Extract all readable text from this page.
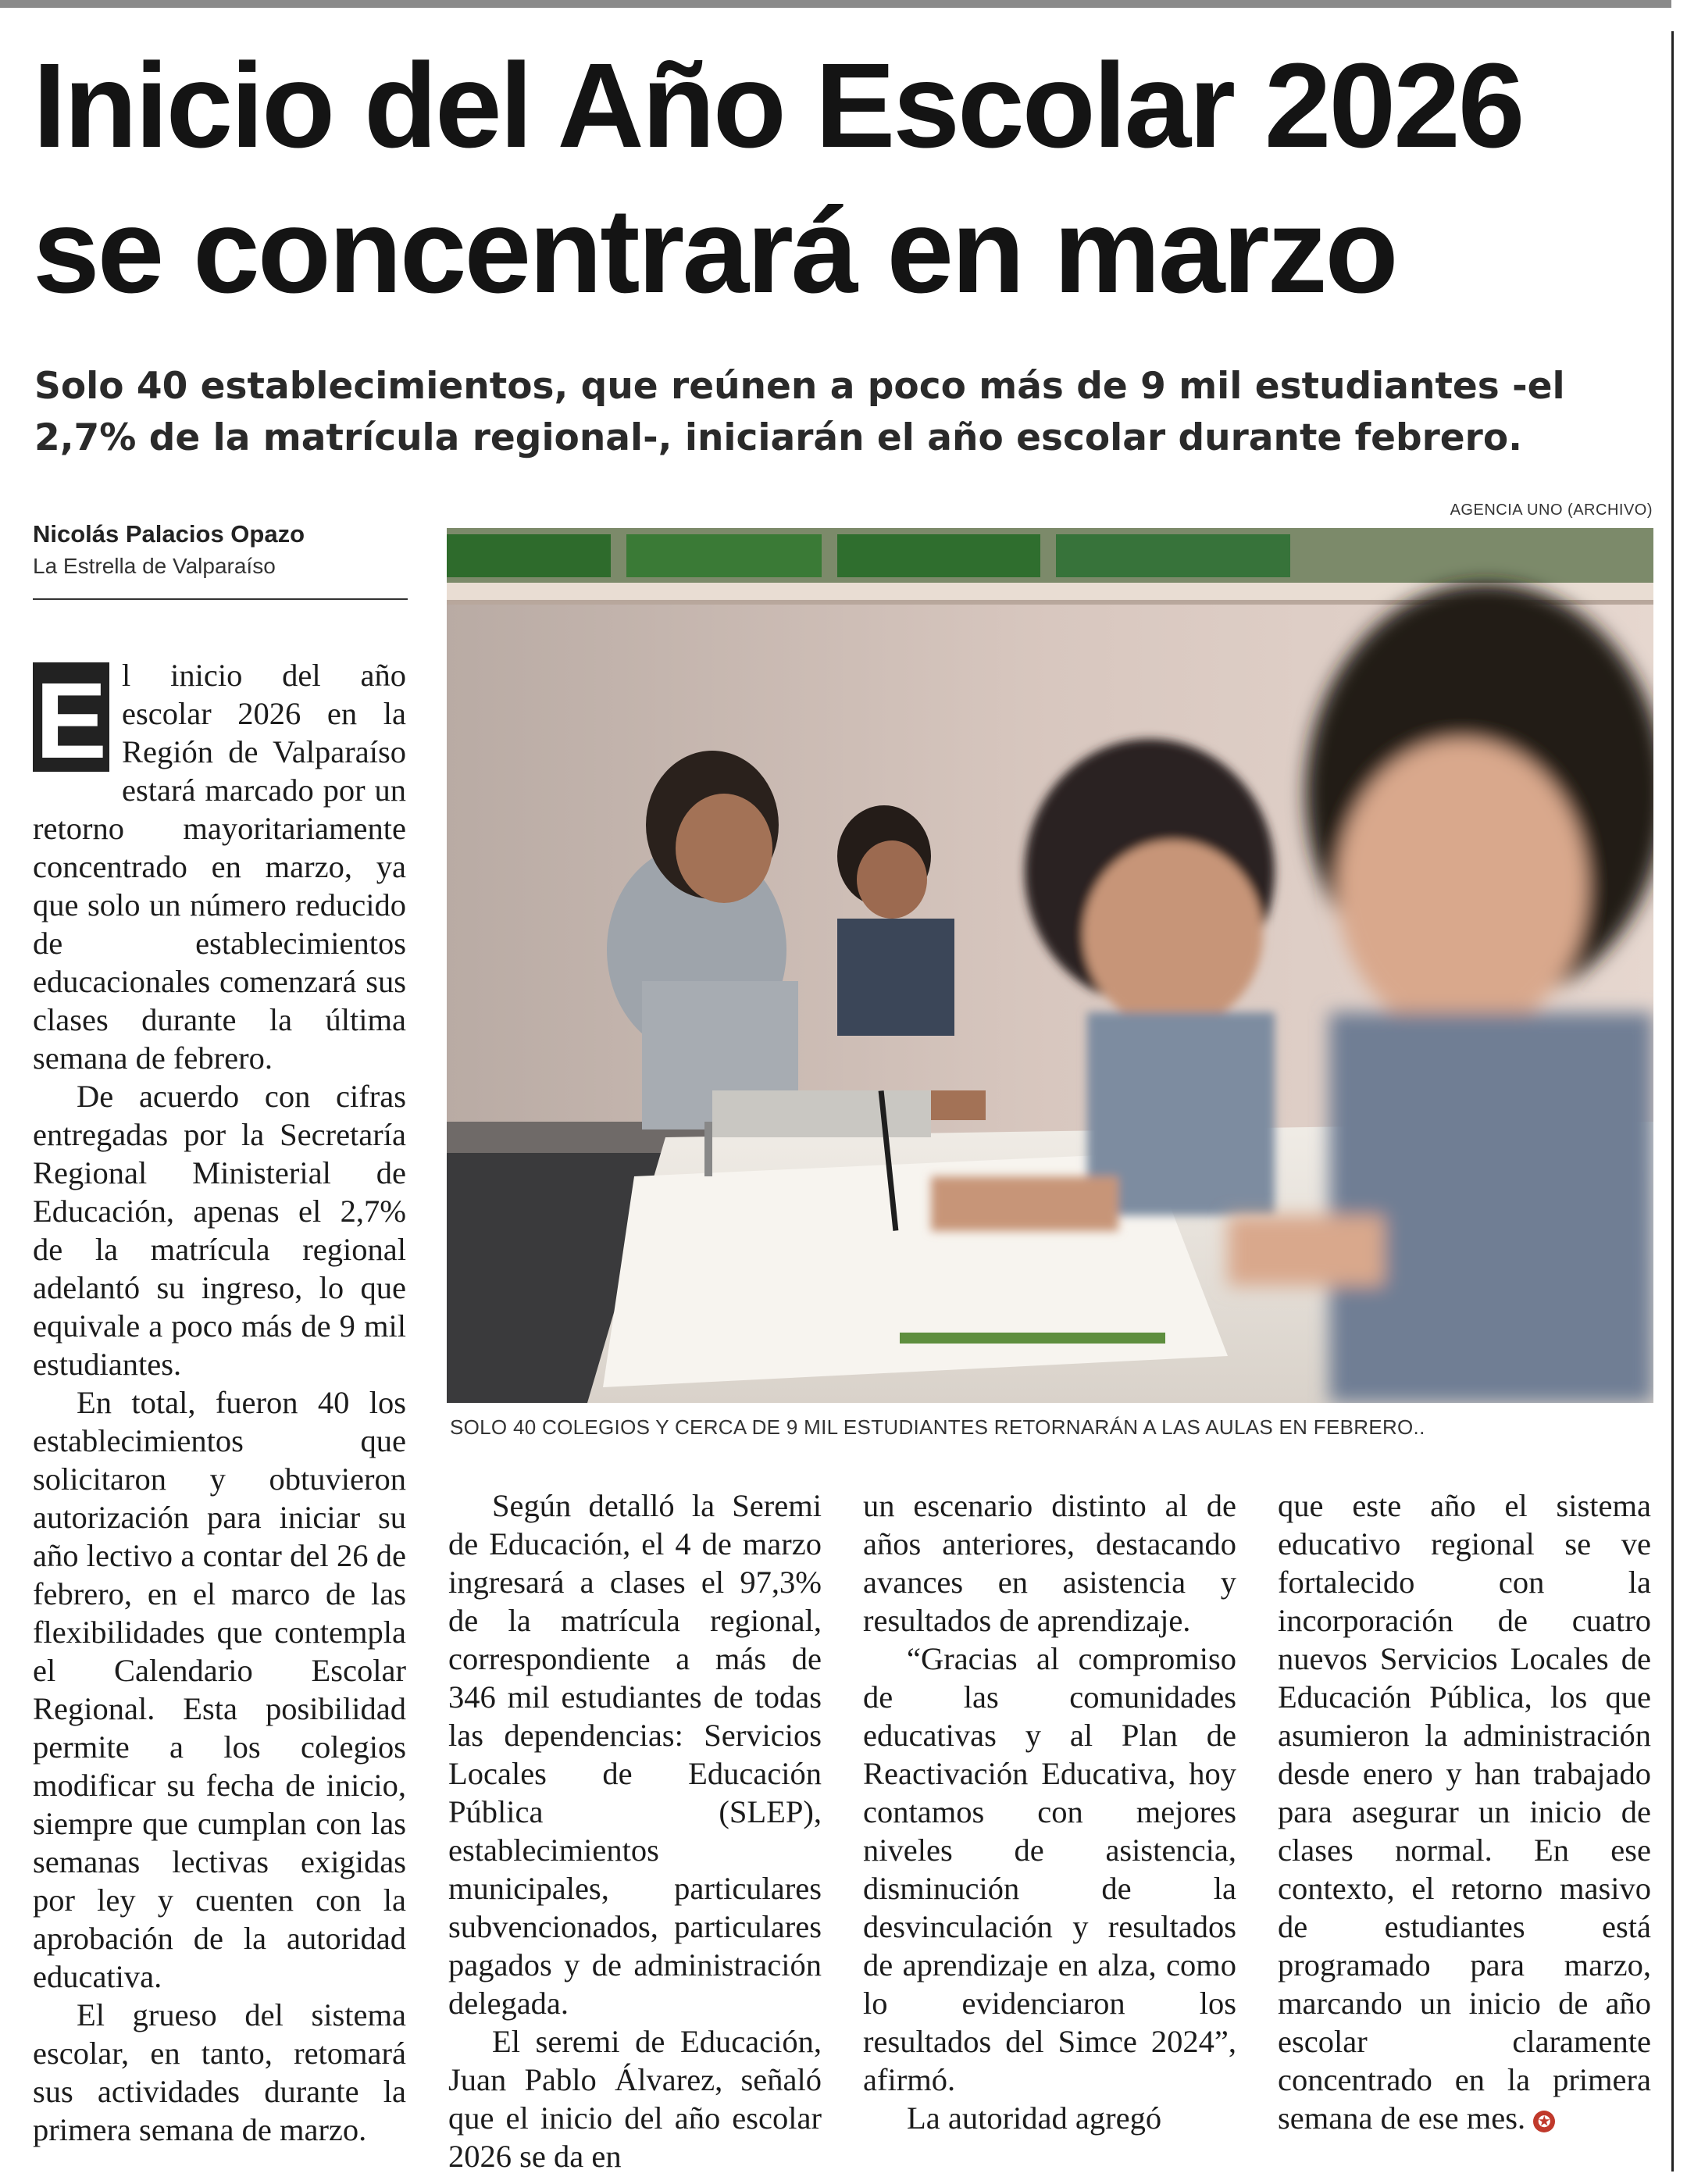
Inicio del Año Escolar 2026
se concentrará en marzo

Solo 40 establecimientos, que reúnen a poco más de 9 mil estudiantes -el 2,7% de la matrícula regional-, iniciarán el año escolar durante febrero.

Nicolás Palacios Opazo
La Estrella de Valparaíso
AGENCIA UNO (ARCHIVO)
SOLO 40 COLEGIOS Y CERCA DE 9 MIL ESTUDIANTES RETORNARÁN A LAS AULAS EN FEBRERO..

E l inicio del año escolar 2026 en la Región de Valparaíso estará marcado por un retorno mayoritariamente concentrado en marzo, ya que solo un número reducido de establecimientos educacionales comenzará sus clases durante la última semana de febrero.

De acuerdo con cifras entregadas por la Secretaría Regional Ministerial de Educación, apenas el 2,7% de la matrícula regional adelantó su ingreso, lo que equivale a poco más de 9 mil estudiantes.

En total, fueron 40 los establecimientos que solicitaron y obtuvieron autorización para iniciar su año lectivo a contar del 26 de febrero, en el marco de las flexibilidades que contempla el Calendario Escolar Regional. Esta posibilidad permite a los colegios modificar su fecha de inicio, siempre que cumplan con las semanas lectivas exigidas por ley y cuenten con la aprobación de la autoridad educativa.

El grueso del sistema escolar, en tanto, retomará sus actividades durante la primera semana de marzo.

Según detalló la Seremi de Educación, el 4 de marzo ingresará a clases el 97,3% de la matrícula regional, correspondiente a más de 346 mil estudiantes de todas las dependencias: Servicios Locales de Educación Pública (SLEP), establecimientos municipales, particulares subvencionados, particulares pagados y de administración delegada.

El seremi de Educación, Juan Pablo Álvarez, señaló que el inicio del año escolar 2026 se da en

un escenario distinto al de años anteriores, destacando avances en asistencia y resultados de aprendizaje.

“Gracias al compromiso de las comunidades educativas y al Plan de Reactivación Educativa, hoy contamos con mejores niveles de asistencia, disminución de la desvinculación y resultados de aprendizaje en alza, como lo evidenciaron los resultados del Simce 2024”, afirmó.

La autoridad agregó

que este año el sistema educativo regional se ve fortalecido con la incorporación de cuatro nuevos Servicios Locales de Educación Pública, los que asumieron la administración desde enero y han trabajado para asegurar un inicio de clases normal. En ese contexto, el retorno masivo de estudiantes está programado para marzo, marcando un inicio de año escolar claramente concentrado en la primera semana de ese mes. ✪
